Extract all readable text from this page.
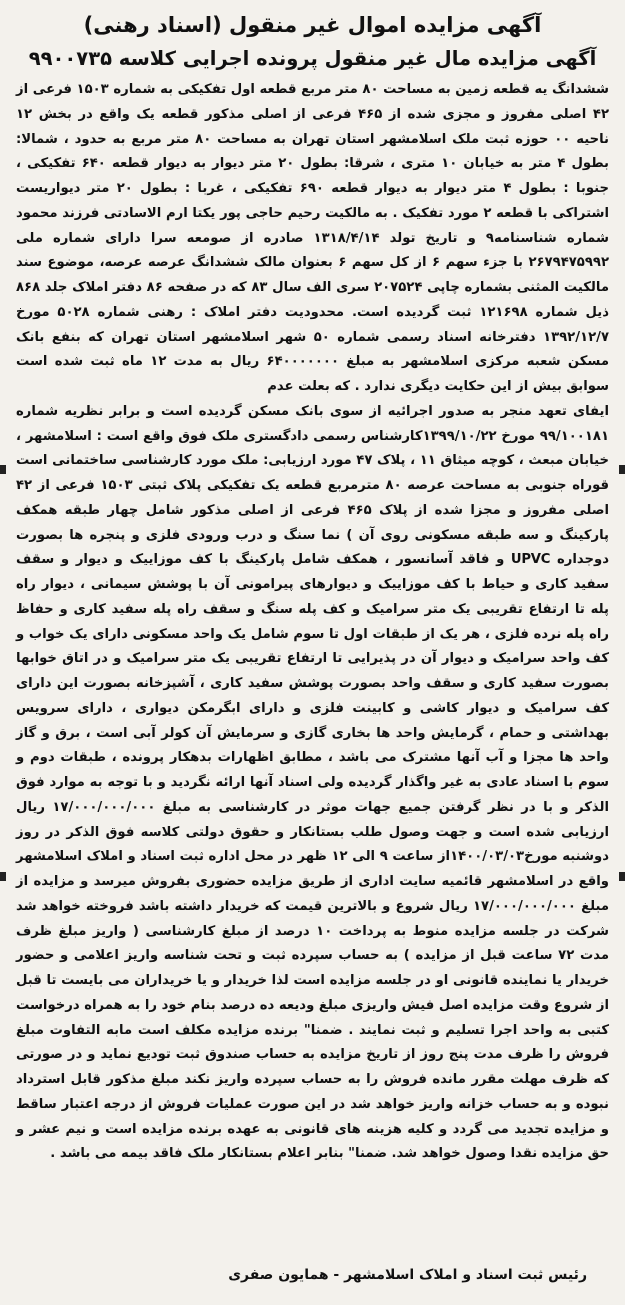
آگهی مزایده اموال غیر منقول (اسناد رهنی)
آگهی مزایده مال غیر منقول پرونده اجرایی کلاسه ۹۹۰۰۷۳۵

ششدانگ یه قطعه زمین به مساحت ۸۰ متر مربع قطعه اول تفکیکی به شماره ۱۵۰۳ فرعی از ۴۲ اصلی مفروز و مجزی شده از ۴۶۵ فرعی از اصلی مذکور قطعه یک واقع در بخش ۱۲ ناحیه ۰۰ حوزه ثبت ملک اسلامشهر استان تهران به مساحت ۸۰ متر مربع به حدود ، شمالا: بطول ۴ متر به خیابان ۱۰ متری ، شرقا: بطول ۲۰ متر دیوار به دیوار قطعه ۶۴۰ تفکیکی ، جنوبا : بطول ۴ متر دیوار به دیوار قطعه ۶۹۰ تفکیکی ، غربا : بطول ۲۰ متر دیواریست اشتراکی با قطعه ۲ مورد تفکیک . به مالکیت رحیم حاجی پور یکتا ارم الاسادتی فرزند محمود شماره شناسنامه۹ و تاریخ تولد ۱۳۱۸/۴/۱۴ صادره از صومعه سرا دارای شماره ملی ۲۶۷۹۴۷۵۹۹۲ با جزء سهم ۶ از کل سهم ۶ بعنوان مالک ششدانگ عرصه عرصه، موضوع سند مالکیت المثنی بشماره چاپی ۲۰۷۵۲۴ سری الف سال ۸۳ که در صفحه ۸۶ دفتر املاک جلد ۸۶۸ ذیل شماره ۱۲۱۶۹۸ ثبت گردیده است. محدودیت دفتر املاک : رهنی شماره ۵۰۲۸ مورخ ۱۳۹۲/۱۲/۷ دفترخانه اسناد رسمی شماره ۵۰ شهر اسلامشهر استان تهران که بنفع بانک مسکن شعبه مرکزی اسلامشهر به مبلغ ۶۴۰۰۰۰۰۰۰ ریال به مدت ۱۲ ماه ثبت شده است سوابق بیش از این حکایت دیگری ندارد . که بعلت عدم
ایفای تعهد منجر به صدور اجرائیه از سوی بانک مسکن گردیده است و برابر نظریه شماره ۹۹/۱۰۰۱۸۱ مورخ ۱۳۹۹/۱۰/۲۲کارشناس رسمی دادگستری ملک فوق واقع است : اسلامشهر ، خیابان مبعث ، کوچه میثاق ۱۱ ، پلاک ۴۷ مورد ارزیابی: ملک مورد کارشناسی ساختمانی است قوراه جنوبی به مساحت عرصه ۸۰ مترمربع قطعه یک تفکیکی پلاک ثبتی ۱۵۰۳ فرعی از ۴۲ اصلی مفروز و مجزا شده از پلاک ۴۶۵ فرعی از اصلی مذکور شامل چهار طبقه همکف پارکینگ و سه طبقه مسکونی روی آن ) نما سنگ و درب ورودی فلزی و پنجره ها بصورت دوجداره UPVC و فاقد آسانسور ، همکف شامل پارکینگ با کف موزاییک و دیوار و سقف سفید کاری و حیاط با کف موزاییک و دیوارهای پیرامونی آن با پوشش سیمانی ، دیوار راه پله تا ارتفاع تقریبی یک متر سرامیک و کف پله سنگ و سقف راه پله سفید کاری و حفاظ راه پله نرده فلزی ، هر یک از طبقات اول تا سوم شامل یک واحد مسکونی دارای یک خواب و کف واحد سرامیک و دیوار آن در پذیرایی تا ارتفاع تقریبی یک متر سرامیک و در اتاق خوابها بصورت سفید کاری و سقف واحد بصورت پوشش سفید کاری ، آشپزخانه بصورت این دارای کف سرامیک و دیوار کاشی و کابینت فلزی و دارای ابگرمکن دیواری ، دارای سرویس بهداشتی و حمام ، گرمایش واحد ها بخاری گازی و سرمایش آن کولر آبی است ، برق و گاز واحد ها مجزا و آب آنها مشترک می باشد ، مطابق اظهارات بدهکار پرونده ، طبقات دوم و سوم با اسناد عادی به غیر واگذار گردیده ولی اسناد آنها ارائه نگردید و با توجه به موارد فوق الذکر و با در نظر گرفتن جمیع جهات موثر در کارشناسی به مبلغ ۱۷/۰۰۰/۰۰۰/۰۰۰ ریال ارزیابی شده است و جهت وصول طلب بستانکار و حقوق دولتی کلاسه فوق الذکر در روز دوشنبه مورخ۱۴۰۰/۰۳/۰۳از ساعت ۹ الی ۱۲ ظهر در محل اداره ثبت اسناد و املاک اسلامشهر واقع در اسلامشهر قائمیه سایت اداری از طریق مزایده حضوری بفروش میرسد و مزایده از مبلغ ۱۷/۰۰۰/۰۰۰/۰۰۰ ریال شروع و بالاترین قیمت که خریدار داشته باشد فروخته خواهد شد شرکت در جلسه مزایده منوط به پرداخت ۱۰ درصد از مبلغ کارشناسی ( واریز مبلغ ظرف مدت ۷۲ ساعت قبل از مزایده ) به حساب سپرده ثبت و تحت شناسه واریز اعلامی و حضور خریدار یا نماینده قانونی او در جلسه مزایده است لذا خریدار و یا خریداران می بایست تا قبل از شروع وقت مزایده اصل فیش واریزی مبلغ ودیعه ده درصد بنام خود را به همراه درخواست کتبی به واحد اجرا تسلیم و ثبت نمایند . ضمنا" برنده مزایده مکلف است مابه التفاوت مبلغ فروش را ظرف مدت پنج روز از تاریخ مزایده به حساب صندوق ثبت تودیع نماید و در صورتی که ظرف مهلت مقرر مانده فروش را به حساب سپرده واریز نکند مبلغ مذکور قابل استرداد نبوده و به حساب خزانه واریز خواهد شد در این صورت عملیات فروش از درجه اعتبار ساقط و مزایده تجدید می گردد و کلیه هزینه های قانونی به عهده برنده مزایده است و نیم عشر و حق مزایده نقدا وصول خواهد شد. ضمنا" بنابر اعلام بستانکار ملک فاقد بیمه می باشد .

رئیس ثبت اسناد و املاک اسلامشهر - همایون صفری
